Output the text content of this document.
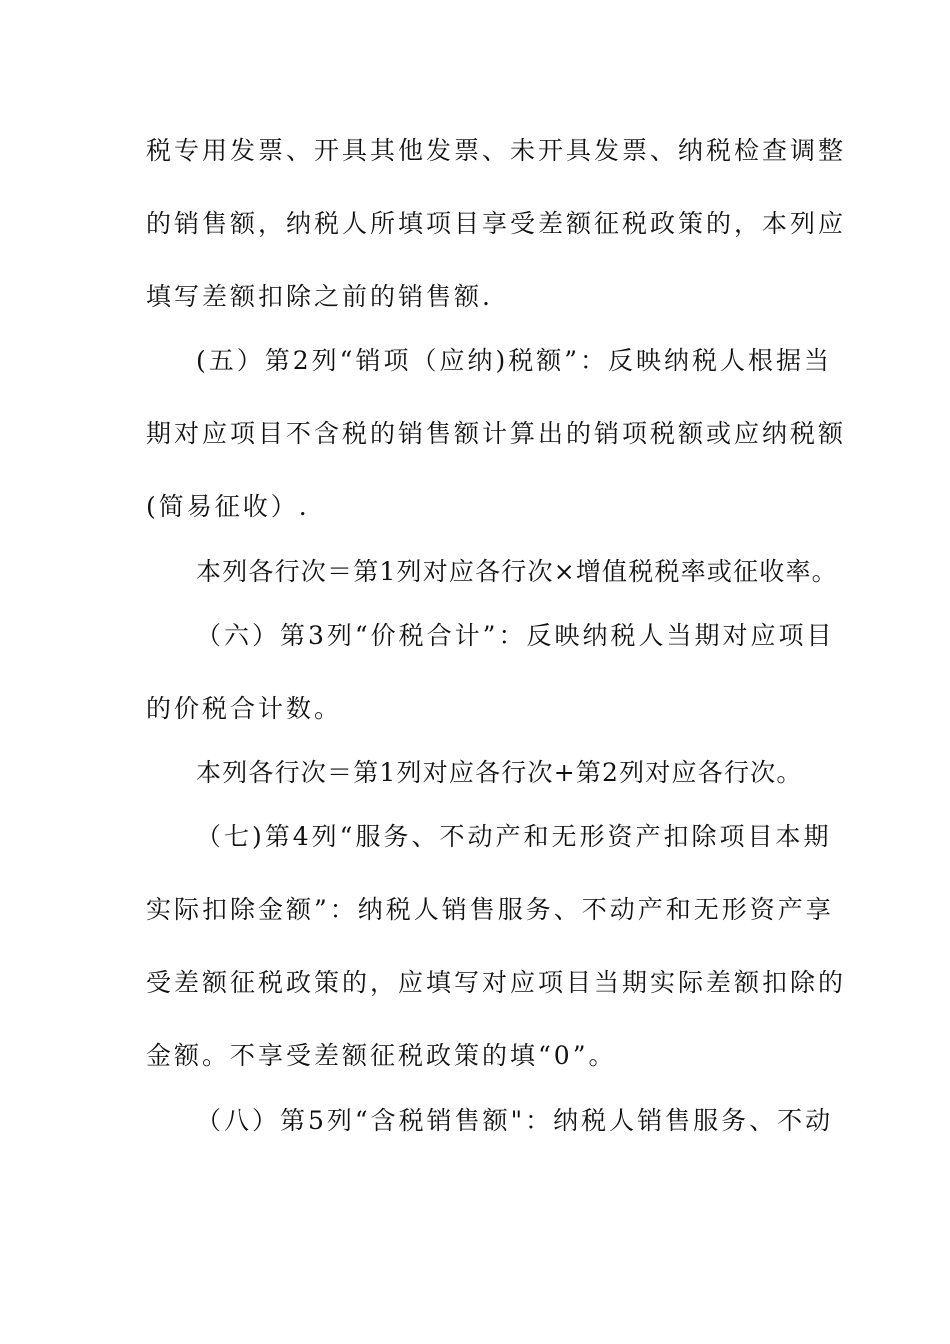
税专用发票、开具其他发票、未开具发票、纳税检查调整
的销售额，纳税人所填项目享受差额征税政策的，本列应
填写差额扣除之前的销售额.
(五）第2列“销项（应纳)税额”：反映纳税人根据当
期对应项目不含税的销售额计算出的销项税额或应纳税额
(简易征收）.
本列各行次＝第1列对应各行次×增值税税率或征收率。
（六）第3列“价税合计”：反映纳税人当期对应项目
的价税合计数。
本列各行次＝第1列对应各行次+第2列对应各行次。
（七)第4列“服务、不动产和无形资产扣除项目本期
实际扣除金额”：纳税人销售服务、不动产和无形资产享
受差额征税政策的，应填写对应项目当期实际差额扣除的
金额。不享受差额征税政策的填“0”。
（八）第5列“含税销售额"：纳税人销售服务、不动
